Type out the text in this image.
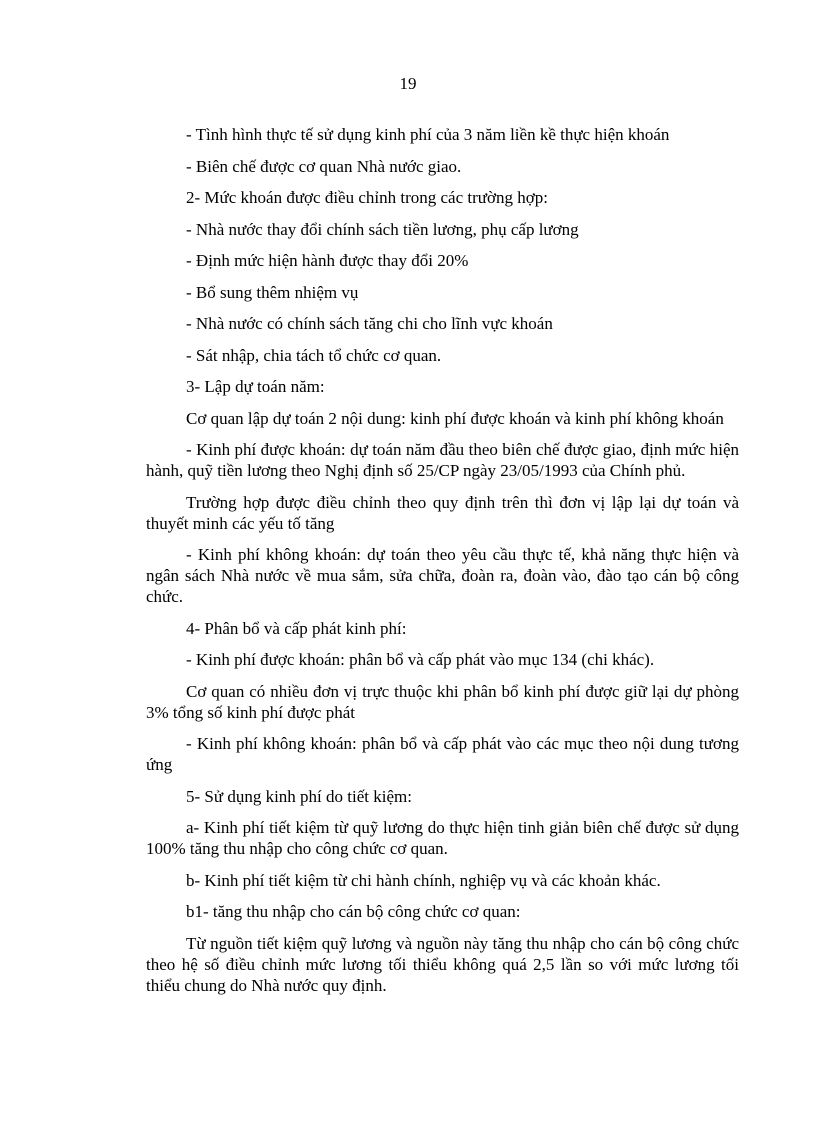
19

- Tình hình thực tế sử dụng kinh phí của 3 năm liền kề thực hiện khoán

- Biên chế được cơ quan Nhà nước giao.

2- Mức khoán được điều chỉnh trong các trường hợp:

- Nhà nước thay đổi chính sách tiền lương, phụ cấp lương

- Định mức hiện hành được thay đổi 20%

- Bổ sung thêm nhiệm vụ

- Nhà nước có chính sách tăng chi cho lĩnh vực khoán

- Sát nhập, chia tách tổ chức cơ quan.

3- Lập dự toán năm:

Cơ quan lập dự toán 2 nội dung: kinh phí được khoán và kinh phí không khoán

- Kinh phí được khoán: dự toán năm đầu theo biên chế được giao, định mức hiện hành, quỹ tiền lương theo Nghị định số 25/CP ngày 23/05/1993 của Chính phủ.

Trường hợp được điều chỉnh theo quy định trên thì đơn vị lập lại dự toán và thuyết minh các yếu tố tăng

- Kinh phí không khoán: dự toán theo yêu cầu thực tế, khả năng thực hiện và ngân sách Nhà nước về mua sắm, sửa chữa, đoàn ra, đoàn vào, đào tạo cán bộ công chức.

4- Phân bổ và cấp phát kinh phí:

- Kinh phí được khoán: phân bổ và cấp phát vào mục 134 (chi khác).

Cơ quan có nhiều đơn vị trực thuộc khi phân bổ kinh phí được giữ lại dự phòng 3% tổng số kinh phí được phát

- Kinh phí không khoán: phân bổ và cấp phát vào các mục theo nội dung tương ứng

5- Sử dụng kinh phí do tiết kiệm:

a- Kinh phí tiết kiệm từ quỹ lương do thực hiện tinh giản biên chế được sử dụng 100% tăng thu nhập cho công chức cơ quan.

b- Kinh phí tiết kiệm từ chi hành chính, nghiệp vụ và các khoản khác.

b1- tăng thu nhập cho cán bộ công chức cơ quan:

Từ nguồn tiết kiệm quỹ lương và nguồn này tăng thu nhập cho cán bộ công chức theo hệ số điều chỉnh mức lương tối thiểu không quá 2,5 lần so với mức lương tối thiểu chung do Nhà nước quy định.
